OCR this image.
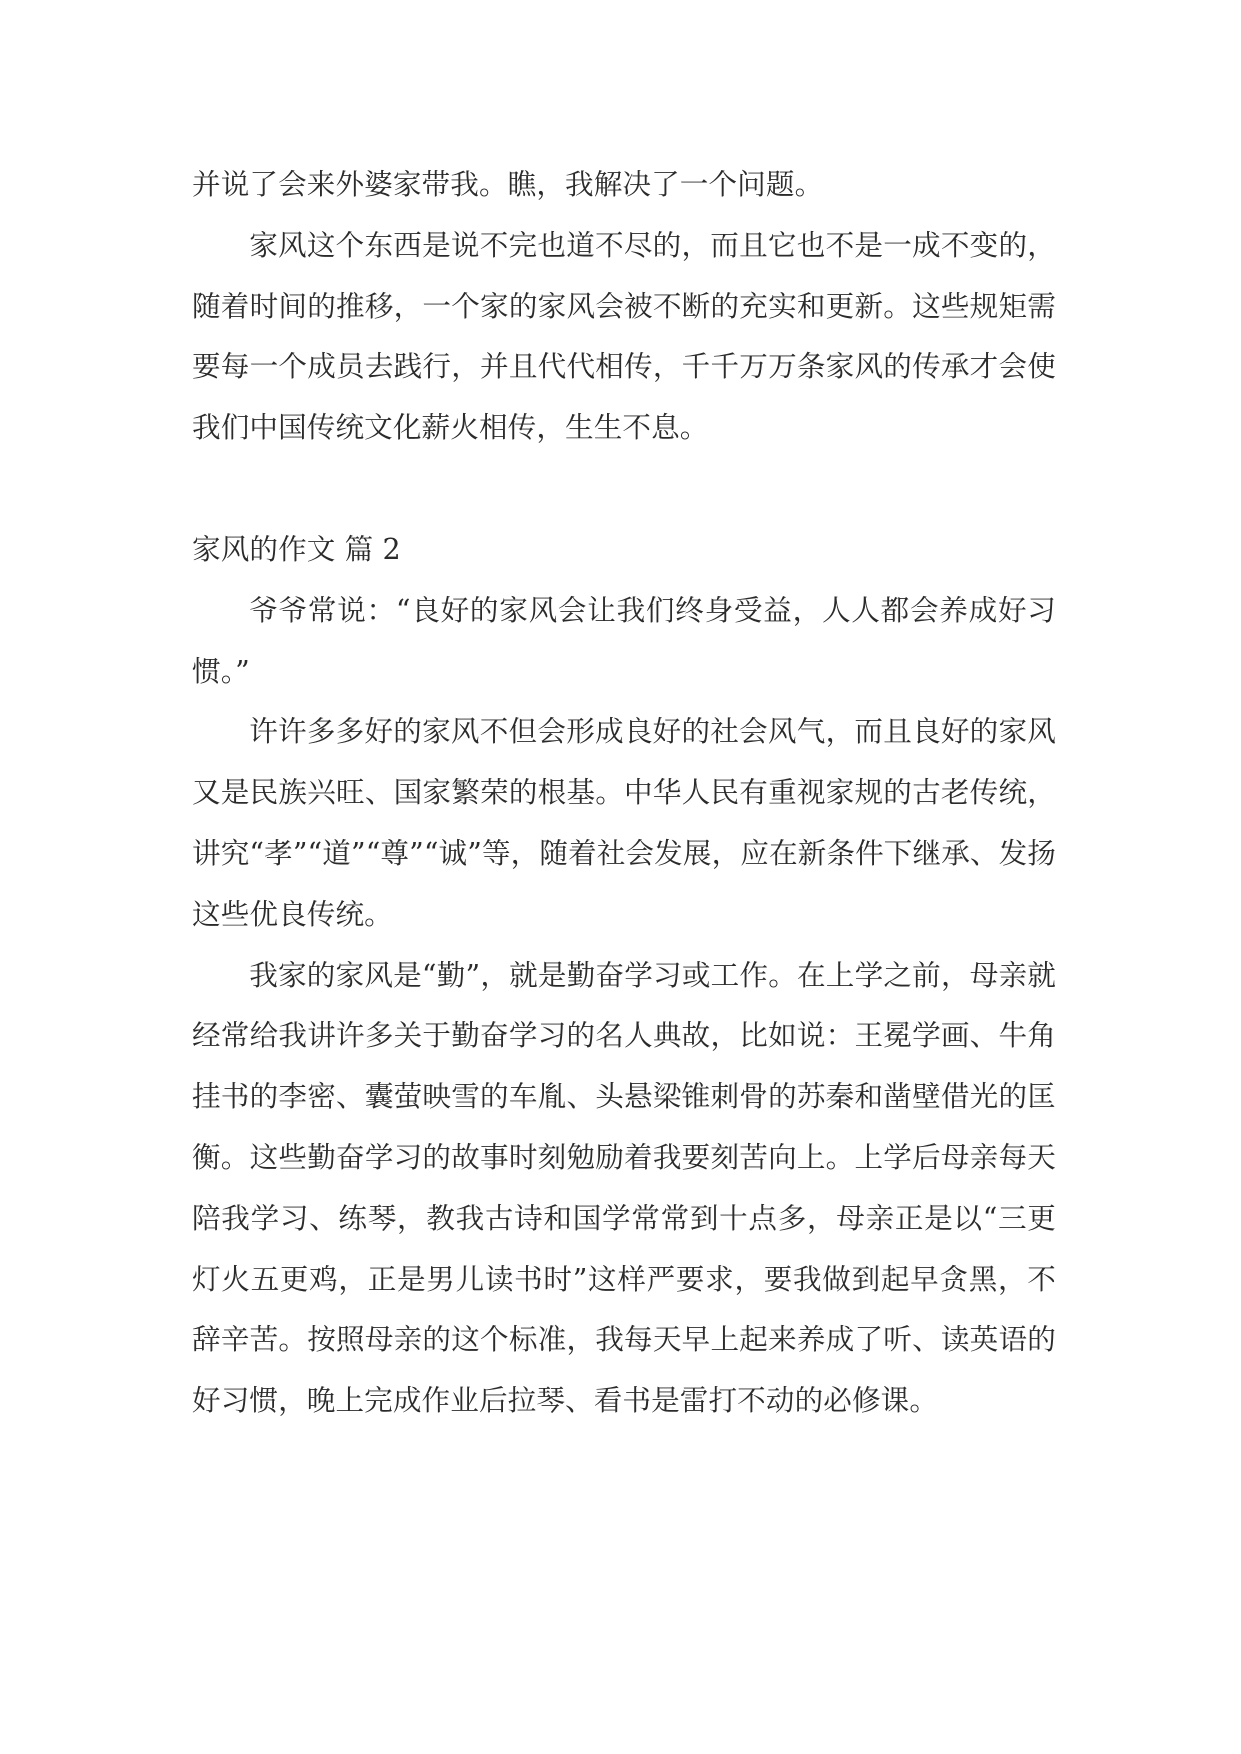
并说了会来外婆家带我。瞧，我解决了一个问题。

家风这个东西是说不完也道不尽的，而且它也不是一成不变的，随着时间的推移，一个家的家风会被不断的充实和更新。这些规矩需要每一个成员去践行，并且代代相传，千千万万条家风的传承才会使我们中国传统文化薪火相传，生生不息。

家风的作文 篇 2

爷爷常说：“良好的家风会让我们终身受益，人人都会养成好习惯。”

许许多多好的家风不但会形成良好的社会风气，而且良好的家风又是民族兴旺、国家繁荣的根基。中华人民有重视家规的古老传统，讲究“孝”“道”“尊”“诚”等，随着社会发展，应在新条件下继承、发扬这些优良传统。

我家的家风是“勤”，就是勤奋学习或工作。在上学之前，母亲就经常给我讲许多关于勤奋学习的名人典故，比如说：王冕学画、牛角挂书的李密、囊萤映雪的车胤、头悬梁锥刺骨的苏秦和凿壁借光的匡衡。这些勤奋学习的故事时刻勉励着我要刻苦向上。上学后母亲每天陪我学习、练琴，教我古诗和国学常常到十点多，母亲正是以“三更灯火五更鸡，正是男儿读书时”这样严要求，要我做到起早贪黑，不辞辛苦。按照母亲的这个标准，我每天早上起来养成了听、读英语的好习惯，晚上完成作业后拉琴、看书是雷打不动的必修课。
